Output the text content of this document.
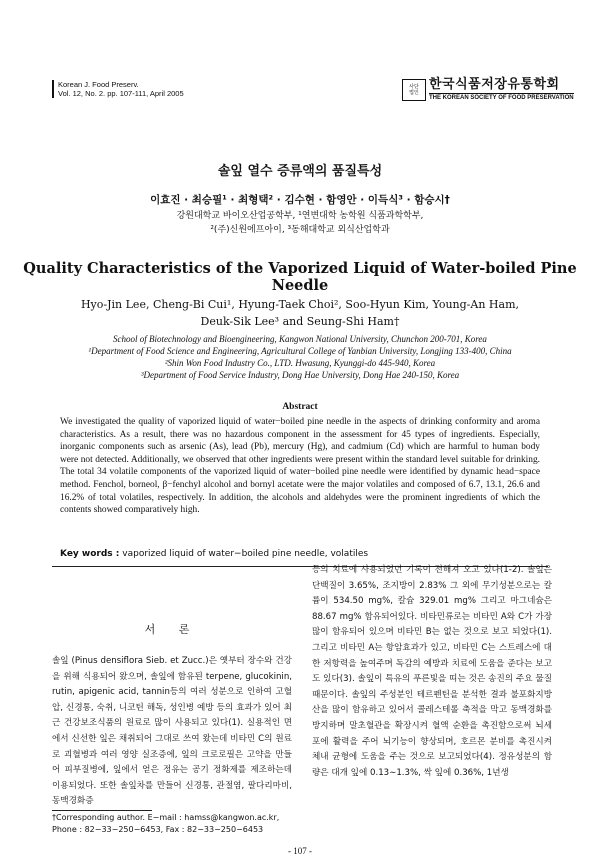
Korean J. Food Preserv.
Vol. 12, No. 2. pp. 107-111, April 2005
사단
법인
한국식품저장유통학회
THE KOREAN SOCIETY OF FOOD PRESERVATION
솔잎 열수 증류액의 품질특성
이효진 · 최승필¹ · 최형택² · 김수현 · 함영안 · 이득식³ · 함승시†
강원대학교 바이오산업공학부, ¹연변대학 농학원 식품과학학부,
²(주)신원에프아이, ³동해대학교 외식산업학과
Quality Characteristics of the Vaporized Liquid of Water-boiled Pine Needle
Hyo-Jin Lee, Cheng-Bi Cui¹, Hyung-Taek Choi², Soo-Hyun Kim, Young-An Ham,
Deuk-Sik Lee³ and Seung-Shi Ham†
School of Biotechnology and Bioengineering, Kangwon National University, Chunchon 200-701, Korea
¹Department of Food Science and Engineering, Agricultural College of Yanbian University, Longjing 133-400, China
²Shin Won Food Industry Co., LTD. Hwasung, Kyunggi-do 445-940, Korea
³Department of Food Service Industry, Dong Hae University, Dong Hae 240-150, Korea
Abstract
We investigated the quality of vaporized liquid of water−boiled pine needle in the aspects of drinking conformity and aroma characteristics. As a result, there was no hazardous component in the assessment for 45 types of ingredients. Especially, inorganic components such as arsenic (As), lead (Pb), mercury (Hg), and cadmium (Cd) which are harmful to human body were not detected. Additionally, we observed that other ingredients were present within the standard level suitable for drinking. The total 34 volatile components of the vaporized liquid of water−boiled pine needle were identified by dynamic head−space method. Fenchol, borneol, β−fenchyl alcohol and bornyl acetate were the major volatiles and composed of 6.7, 13.1, 26.6 and 16.2% of total volatiles, respectively. In addition, the alcohols and aldehydes were the prominent ingredients of which the contents showed comparatively high.
Key words : vaporized liquid of water−boiled pine needle, volatiles
서 론
솔잎 (Pinus densiflora Sieb. et Zucc.)은 옛부터 장수와 건강을 위해 식용되어 왔으며, 솔잎에 함유된 terpene, glucokinin, rutin, apigenic acid, tannin등의 여러 성분으로 인하여 고혈압, 신경통, 숙취, 니코틴 해독, 성인병 예방 등의 효과가 있어 최근 건강보조식품의 원료로 많이 사용되고 있다(1). 실용적인 면에서 신선한 잎은 채취되어 그대로 쓰여 왔는데 비타민 C의 원료로 괴혈병과 여러 영양 실조증에, 잎의 크로로필은 고약을 만들어 피부질병에, 잎에서 얻은 정유는 공기 정화제를 제조하는데 이용되었다. 또한 솔잎차를 만들어 신경통, 관절염, 팔다리마비, 동맥경화증
등의 치료에 사용되었던 기록이 전해져 오고 있다(1-2). 솔잎은 단백질이 3.65%, 조지방이 2.83% 그 외에 무기성분으로는 칼륨이 534.50 mg%, 칼슘 329.01 mg% 그리고 마그네슘은 88.67 mg% 함유되어있다. 비타민류로는 비타민 A와 C가 가장 많이 함유되어 있으며 비타민 B는 없는 것으로 보고 되었다(1). 그리고 비타민 A는 항암효과가 있고, 비타민 C는 스트레스에 대한 저항력을 높여주며 독감의 예방과 치료에 도움을 준다는 보고도 있다(3). 솔잎이 특유의 푸른빛을 띠는 것은 송진의 주요 물질 때문이다. 솔잎의 주성분인 테르펜틴을 분석한 결과 불포화지방산을 많이 함유하고 있어서 콜레스테롤 축적을 막고 동맥경화를 방지하며 말초혈관을 확장시켜 혈액 순환을 촉진함으로써 뇌세포에 활력을 주어 뇌기능이 향상되며, 호르몬 분비를 촉진시켜 체내 균형에 도움을 주는 것으로 보고되었다(4). 정유성분의 함량은 대개 잎에 0.13∼1.3%, 싹 잎에 0.36%, 1년생
†Corresponding author. E−mail : hamss@kangwon.ac.kr,
Phone : 82−33−250−6453, Fax : 82−33−250−6453
- 107 -
